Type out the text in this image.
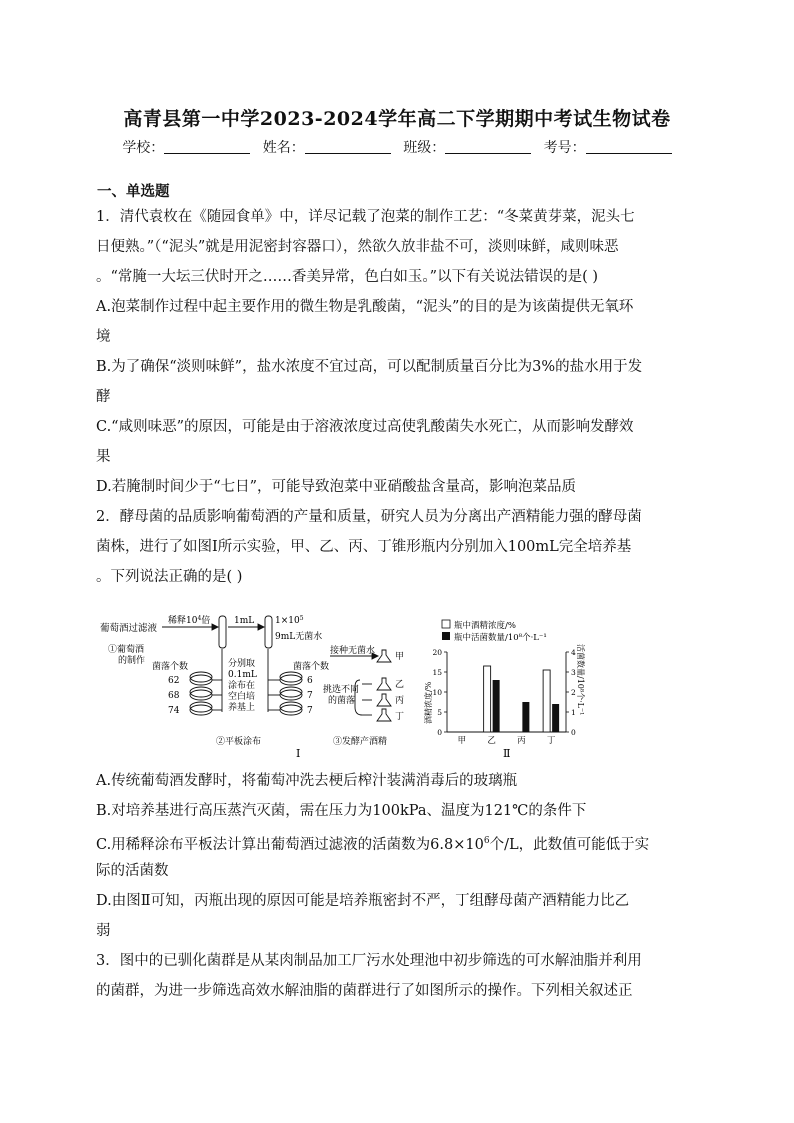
高青县第一中学2023-2024学年高二下学期期中考试生物试卷
学校：	姓名：	班级：	考号：
一、单选题
1．清代袁枚在《随园食单》中，详尽记载了泡菜的制作工艺：“冬菜黄芽菜，泥头七
日便熟。”（“泥头”就是用泥密封容器口），然欲久放非盐不可，淡则味鲜，咸则味恶
。“常腌一大坛三伏时开之……香美异常，色白如玉。”以下有关说法错误的是( )
A.泡菜制作过程中起主要作用的微生物是乳酸菌，“泥头”的目的是为该菌提供无氧环
境
B.为了确保“淡则味鲜”，盐水浓度不宜过高，可以配制质量百分比为3%的盐水用于发
酵
C.“咸则味恶”的原因，可能是由于溶液浓度过高使乳酸菌失水死亡，从而影响发酵效
果
D.若腌制时间少于“七日”，可能导致泡菜中亚硝酸盐含量高，影响泡菜品质
2．酵母菌的品质影响葡萄酒的产量和质量，研究人员为分离出产酒精能力强的酵母菌
菌株，进行了如图Ⅰ所示实验，甲、乙、丙、丁锥形瓶内分别加入100mL完全培养基
。下列说法正确的是( )
葡萄酒过滤液
稀释$10^4$倍	1mL $1\times 10^5$
9mL无菌水
①葡萄酒
的制作	分别取
0.1mL
涂布在
空白培
养基上
菌落个数
62
68
74
菌落个数
6
7
7
②平板涂布
接种无菌水
甲
挑选不同
的菌落
乙
丙
丁
③发酵产酒精
Ⅰ
瓶中酒精浓度/%
瓶中活菌数量/10⁸个·L⁻¹
酒精浓度/%	活菌数量/10⁸个·L⁻¹
0
5
10
15
20
0
1
2
3
4
甲 乙 丙 丁
Ⅱ
A.传统葡萄酒发酵时，将葡萄冲洗去梗后榨汁装满消毒后的玻璃瓶
B.对培养基进行高压蒸汽灭菌，需在压力为100kPa、温度为121℃的条件下
C.用稀释涂布平板法计算出葡萄酒过滤液的活菌数为$6.8\times 10^6$个/L，此数值可能低于实
际的活菌数
D.由图Ⅱ可知，丙瓶出现的原因可能是培养瓶密封不严，丁组酵母菌产酒精能力比乙
弱
3．图中的已驯化菌群是从某肉制品加工厂污水处理池中初步筛选的可水解油脂并利用
的菌群，为进一步筛选高效水解油脂的菌群进行了如图所示的操作。下列相关叙述正
